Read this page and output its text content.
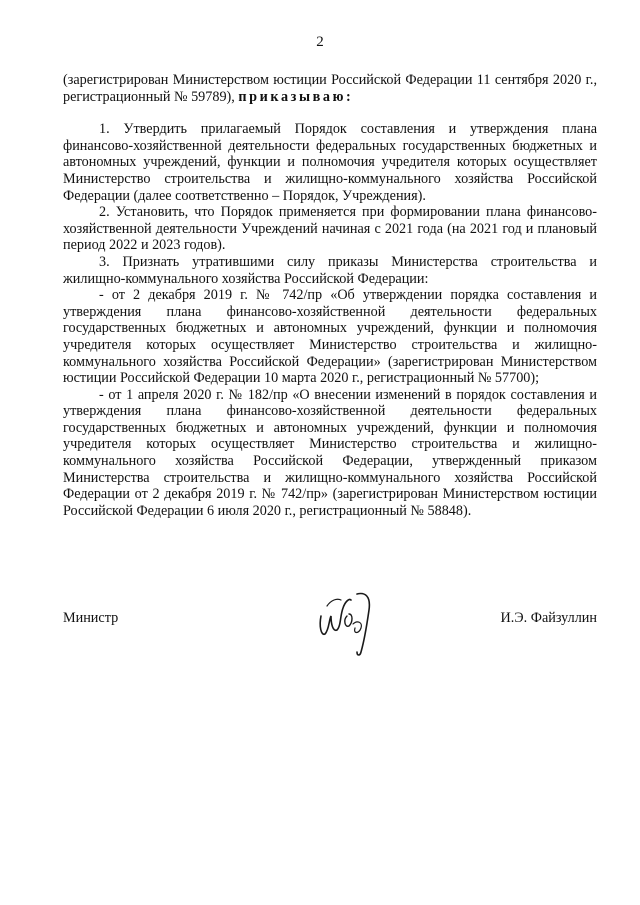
2

(зарегистрирован Министерством юстиции Российской Федерации 11 сентября 2020 г., регистрационный № 59789), приказываю:

1. Утвердить прилагаемый Порядок составления и утверждения плана финансово-хозяйственной деятельности федеральных государственных бюджетных и автономных учреждений, функции и полномочия учредителя которых осуществляет Министерство строительства и жилищно-коммунального хозяйства Российской Федерации (далее соответственно – Порядок, Учреждения).

2. Установить, что Порядок применяется при формировании плана финансово-хозяйственной деятельности Учреждений начиная с 2021 года (на 2021 год и плановый период 2022 и 2023 годов).

3. Признать утратившими силу приказы Министерства строительства и жилищно-коммунального хозяйства Российской Федерации:

- от 2 декабря 2019 г. № 742/пр «Об утверждении порядка составления и утверждения плана финансово-хозяйственной деятельности федеральных государственных бюджетных и автономных учреждений, функции и полномочия учредителя которых осуществляет Министерство строительства и жилищно-коммунального хозяйства Российской Федерации» (зарегистрирован Министерством юстиции Российской Федерации 10 марта 2020 г., регистрационный № 57700);

- от 1 апреля 2020 г. № 182/пр «О внесении изменений в порядок составления и утверждения плана финансово-хозяйственной деятельности федеральных государственных бюджетных и автономных учреждений, функции и полномочия учредителя которых осуществляет Министерство строительства и жилищно-коммунального хозяйства Российской Федерации, утвержденный приказом Министерства строительства и жилищно-коммунального хозяйства Российской Федерации от 2 декабря 2019 г. № 742/пр» (зарегистрирован Министерством юстиции Российской Федерации 6 июля 2020 г., регистрационный № 58848).

Министр	И.Э. Файзуллин
